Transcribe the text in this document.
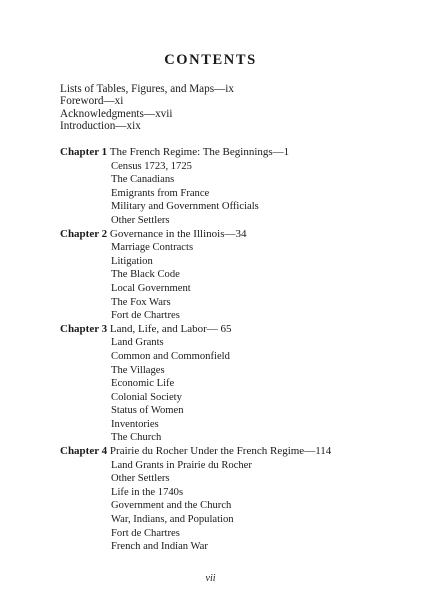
CONTENTS
Lists of Tables, Figures, and Maps—ix
Foreword—xi
Acknowledgments—xvii
Introduction—xix
Chapter 1 The French Regime: The Beginnings—1
Census 1723, 1725
The Canadians
Emigrants from France
Military and Government Officials
Other Settlers
Chapter 2 Governance in the Illinois—34
Marriage Contracts
Litigation
The Black Code
Local Government
The Fox Wars
Fort de Chartres
Chapter 3 Land, Life, and Labor— 65
Land Grants
Common and Commonfield
The Villages
Economic Life
Colonial Society
Status of Women
Inventories
The Church
Chapter 4 Prairie du Rocher Under the French Regime—114
Land Grants in Prairie du Rocher
Other Settlers
Life in the 1740s
Government and the Church
War, Indians, and Population
Fort de Chartres
French and Indian War
vii
